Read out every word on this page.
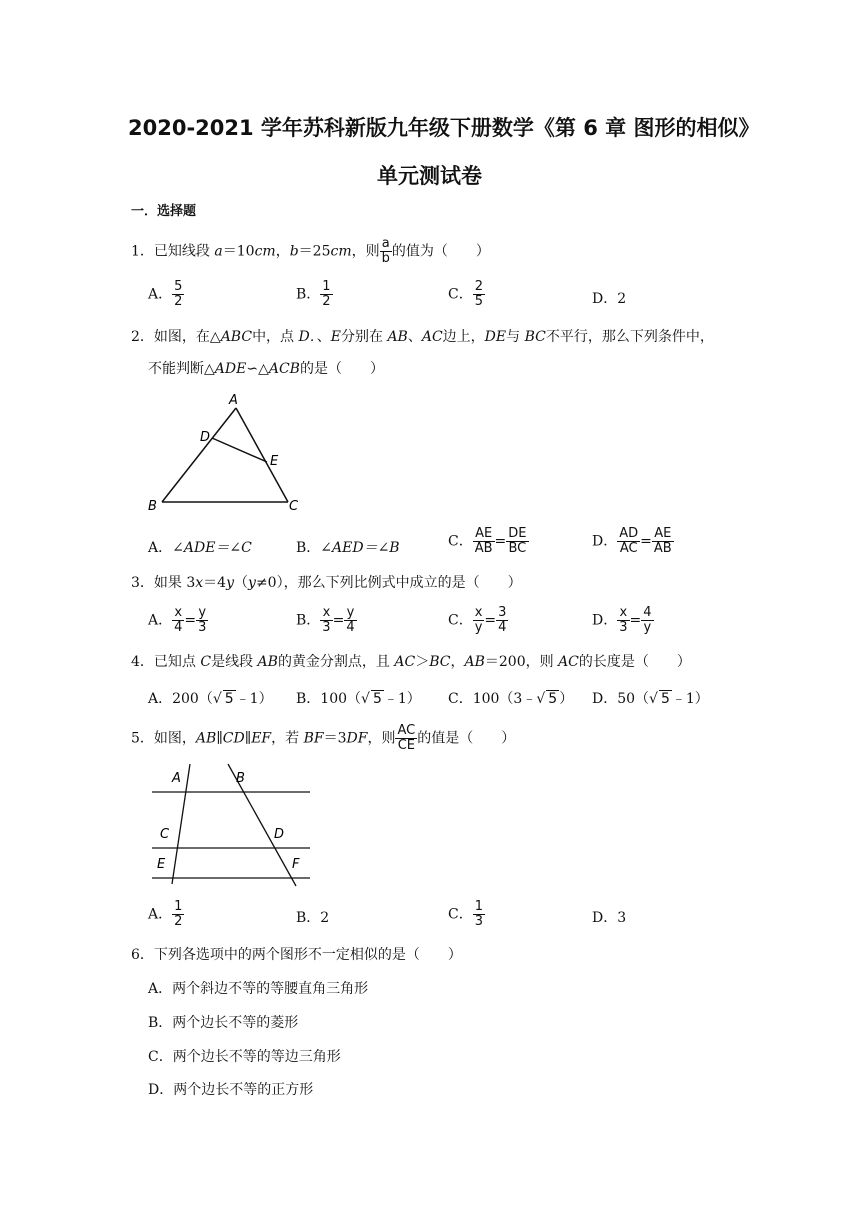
2020-2021 学年苏科新版九年级下册数学《第 6 章 图形的相似》
单元测试卷
一．选择题
1．已知线段 a＝10cm，b＝25cm，则 $\frac{a}{b}$ 的值为（　　）
A． $\frac{5}{2}$	B． $\frac{1}{2}$	C． $\frac{2}{5}$	D．2
2．如图，在△ABC中，点 D．、E分别在 AB、AC边上，DE与 BC不平行，那么下列条件中，
不能判断△ADE∽△ACB的是（　　）
A
D
E
B	C
A．∠ADE＝∠C	B．∠AED＝∠B	C． $\frac{AE}{AB} = \frac{DE}{BC}$	D． $\frac{AD}{AC} = \frac{AE}{AB}$
3．如果 3x＝4y（y≠0），那么下列比例式中成立的是（　　）
A． $\frac{x}{4} = \frac{y}{3}$	B． $\frac{x}{3} = \frac{y}{4}$	C． $\frac{x}{y} = \frac{3}{4}$	D． $\frac{x}{3} = \frac{4}{y}$
4．已知点 C是线段 AB的黄金分割点，且 AC＞BC，AB＝200，则 AC的长度是（　　）
A．200（√ 5 ﹣1） B．100（√ 5 ﹣1） C．100（3﹣√ 5 ） D．50（√ 5 ﹣1）
5．如图，AB∥CD∥EF，若 BF＝3DF，则 $\frac{AC}{CE}$ 的值是（　　）
A	B
C	D
E	F
A． $\frac{1}{2}$	B．2	C． $\frac{1}{3}$	D．3
6．下列各选项中的两个图形不一定相似的是（　　）
A．两个斜边不等的等腰直角三角形
B．两个边长不等的菱形
C．两个边长不等的等边三角形
D．两个边长不等的正方形
